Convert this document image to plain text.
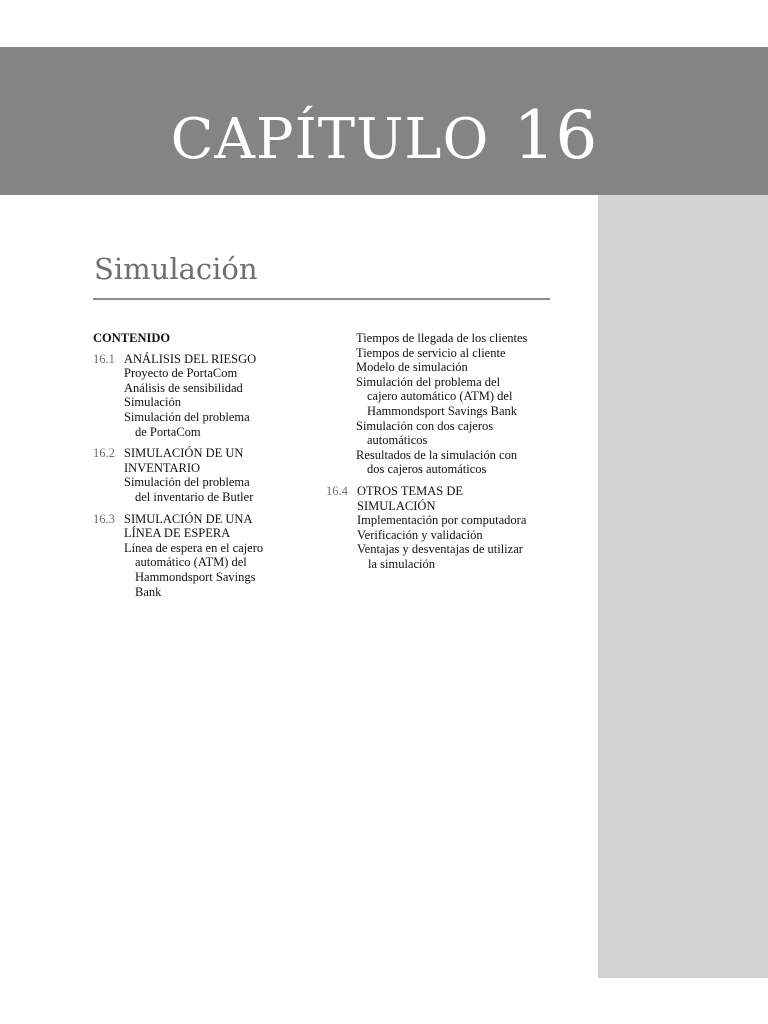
CAPÍTULO 16
Simulación
CONTENIDO
16.1 ANÁLISIS DEL RIESGO
Proyecto de PortaCom
Análisis de sensibilidad
Simulación
Simulación del problema
de PortaCom
16.2 SIMULACIÓN DE UN
INVENTARIO
Simulación del problema
del inventario de Butler
16.3 SIMULACIÓN DE UNA
LÍNEA DE ESPERA
Línea de espera en el cajero
automático (ATM) del
Hammondsport Savings
Bank
Tiempos de llegada de los clientes
Tiempos de servicio al cliente
Modelo de simulación
Simulación del problema del
cajero automático (ATM) del
Hammondsport Savings Bank
Simulación con dos cajeros
automáticos
Resultados de la simulación con
dos cajeros automáticos
16.4 OTROS TEMAS DE
SIMULACIÓN
Implementación por computadora
Verificación y validación
Ventajas y desventajas de utilizar
la simulación
